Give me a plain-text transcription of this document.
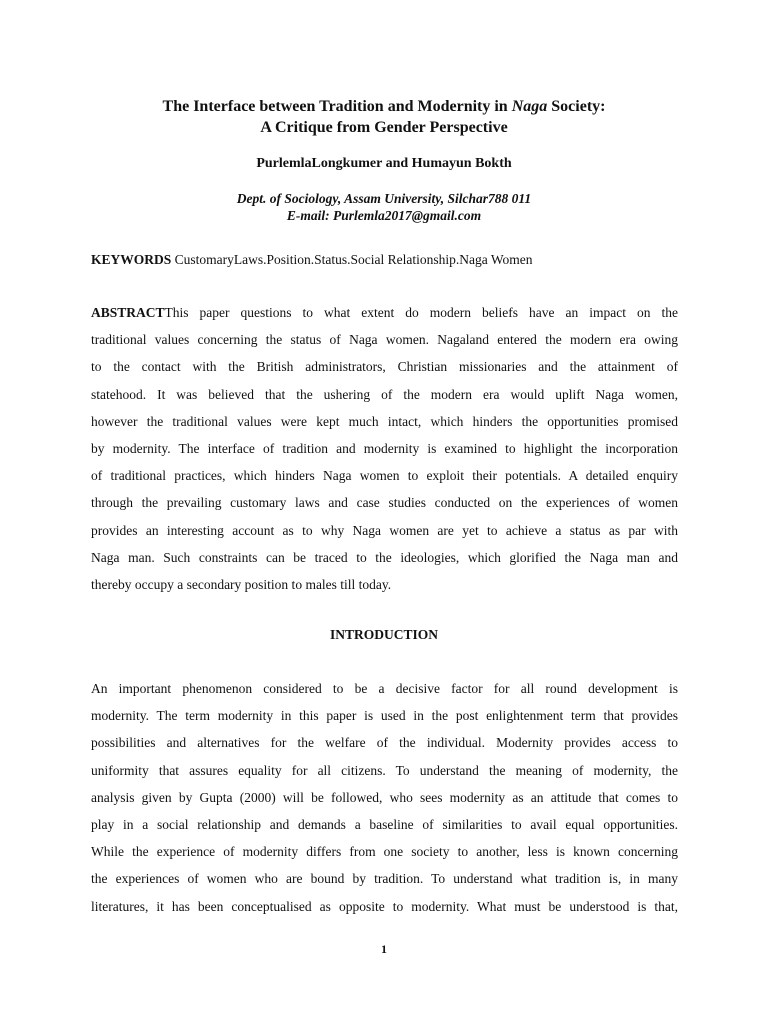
The Interface between Tradition and Modernity in Naga Society:
A Critique from Gender Perspective
PurlemlaLongkumer and Humayun Bokth
Dept. of Sociology, Assam University, Silchar788 011
E-mail: Purlemla2017@gmail.com
KEYWORDS CustomaryLaws.Position.Status.Social Relationship.Naga Women
ABSTRACTThis paper questions to what extent do modern beliefs have an impact on the
traditional values concerning the status of Naga women. Nagaland entered the modern era owing
to the contact with the British administrators, Christian missionaries and the attainment of
statehood. It was believed that the ushering of the modern era would uplift Naga women,
however the traditional values were kept much intact, which hinders the opportunities promised
by modernity. The interface of tradition and modernity is examined to highlight the incorporation
of traditional practices, which hinders Naga women to exploit their potentials. A detailed enquiry
through the prevailing customary laws and case studies conducted on the experiences of women
provides an interesting account as to why Naga women are yet to achieve a status as par with
Naga man. Such constraints can be traced to the ideologies, which glorified the Naga man and
thereby occupy a secondary position to males till today.
INTRODUCTION
An important phenomenon considered to be a decisive factor for all round development is
modernity. The term modernity in this paper is used in the post enlightenment term that provides
possibilities and alternatives for the welfare of the individual. Modernity provides access to
uniformity that assures equality for all citizens. To understand the meaning of modernity, the
analysis given by Gupta (2000) will be followed, who sees modernity as an attitude that comes to
play in a social relationship and demands a baseline of similarities to avail equal opportunities.
While the experience of modernity differs from one society to another, less is known concerning
the experiences of women who are bound by tradition. To understand what tradition is, in many
literatures, it has been conceptualised as opposite to modernity. What must be understood is that,
1
